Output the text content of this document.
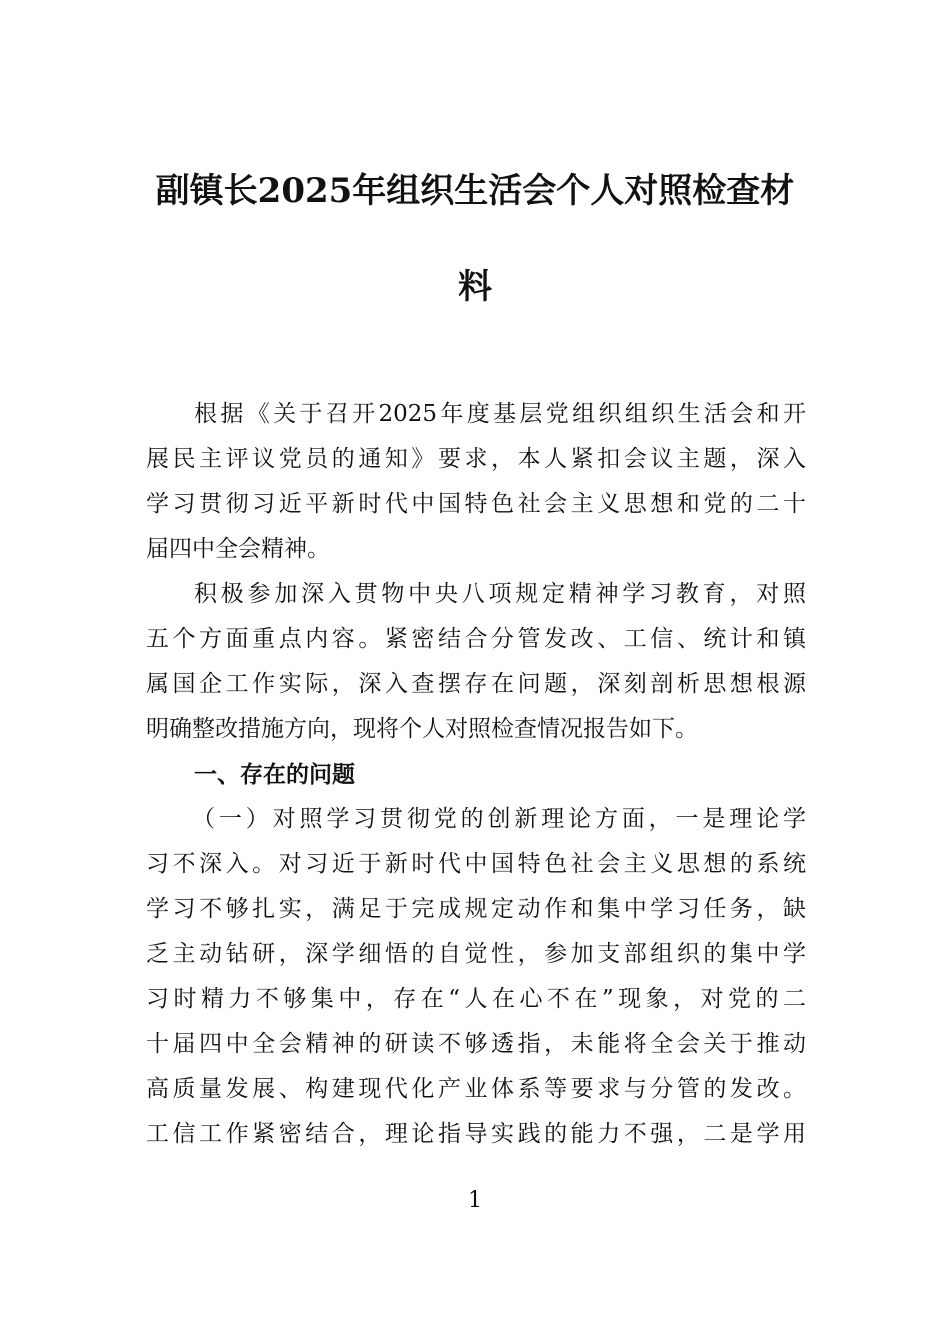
副镇长2025年组织生活会个人对照检查材
料
根据《关于召开2025年度基层党组织组织生活会和开
展民主评议党员的通知》要求，本人紧扣会议主题，深入
学习贯彻习近平新时代中国特色社会主义思想和党的二十
届四中全会精神。
积极参加深入贯物中央八项规定精神学习教育，对照
五个方面重点内容。紧密结合分管发改、工信、统计和镇
属国企工作实际，深入查摆存在问题，深刻剖析思想根源
明确整改措施方向，现将个人对照检查情况报告如下。
一、存在的问题
（一）对照学习贯彻党的创新理论方面，一是理论学
习不深入。对习近于新时代中国特色社会主义思想的系统
学习不够扎实，满足于完成规定动作和集中学习任务，缺
乏主动钻研，深学细悟的自觉性，参加支部组织的集中学
习时精力不够集中，存在“人在心不在”现象，对党的二
十届四中全会精神的研读不够透指，未能将全会关于推动
高质量发展、构建现代化产业体系等要求与分管的发改。
工信工作紧密结合，理论指导实践的能力不强，二是学用
1
